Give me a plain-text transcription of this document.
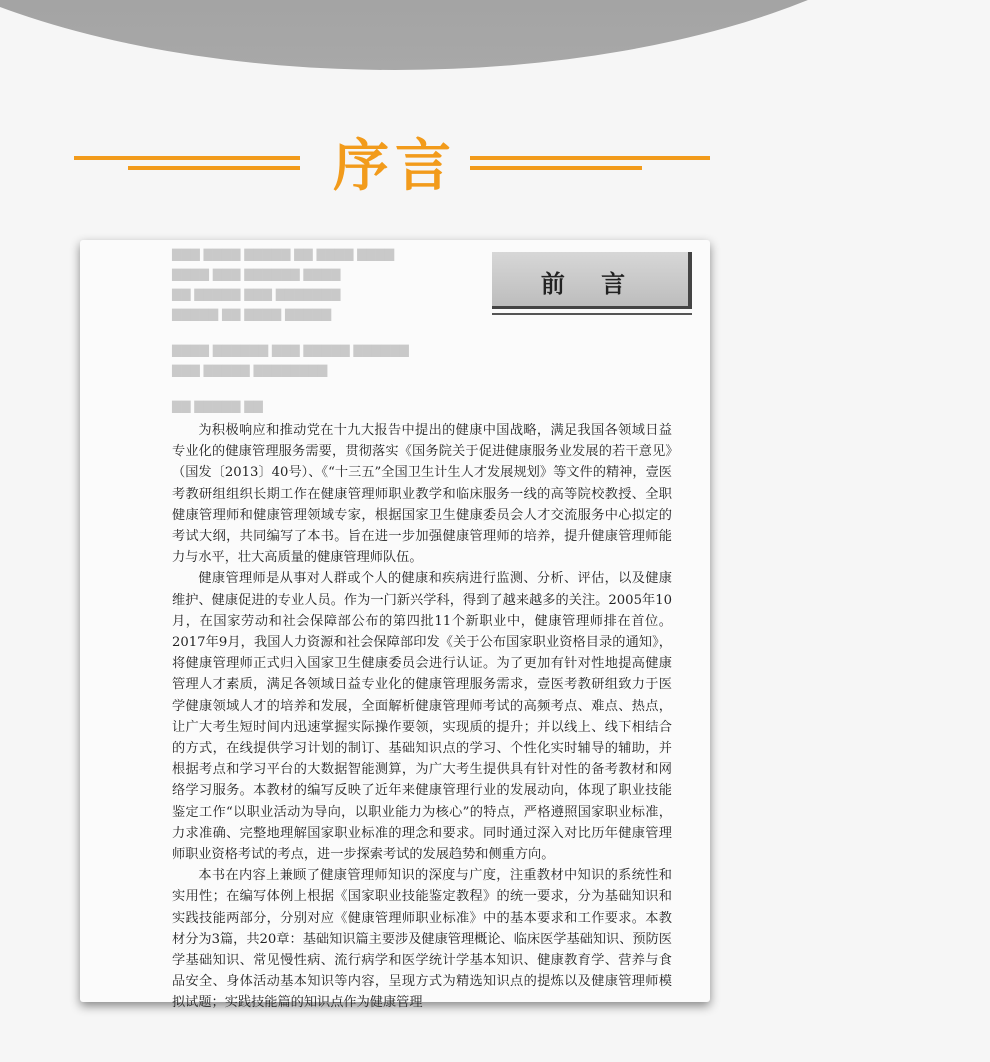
序言
▇▇▇ ▇▇▇▇ ▇▇▇▇▇ ▇▇ ▇▇▇▇ ▇▇▇▇
▇▇▇▇ ▇▇▇ ▇▇▇▇▇▇ ▇▇▇▇
▇▇ ▇▇▇▇▇ ▇▇▇ ▇▇▇▇▇▇▇
▇▇▇▇▇ ▇▇ ▇▇▇▇ ▇▇▇▇▇
▇▇▇▇ ▇▇▇▇▇▇ ▇▇▇ ▇▇▇▇▇ ▇▇▇▇▇▇
▇▇▇ ▇▇▇▇▇ ▇▇▇▇▇▇▇▇
▇▇ ▇▇▇▇▇ ▇▇
前 言

为积极响应和推动党在十九大报告中提出的健康中国战略，满足我国各领域日益专业化的健康管理服务需要，贯彻落实《国务院关于促进健康服务业发展的若干意见》（国发〔2013〕40号）、《“十三五”全国卫生计生人才发展规划》等文件的精神，壹医考教研组组织长期工作在健康管理师职业教学和临床服务一线的高等院校教授、全职健康管理师和健康管理领域专家，根据国家卫生健康委员会人才交流服务中心拟定的考试大纲，共同编写了本书。旨在进一步加强健康管理师的培养，提升健康管理师能力与水平，壮大高质量的健康管理师队伍。

健康管理师是从事对人群或个人的健康和疾病进行监测、分析、评估，以及健康维护、健康促进的专业人员。作为一门新兴学科，得到了越来越多的关注。2005年10月，在国家劳动和社会保障部公布的第四批11个新职业中，健康管理师排在首位。2017年9月，我国人力资源和社会保障部印发《关于公布国家职业资格目录的通知》，将健康管理师正式归入国家卫生健康委员会进行认证。为了更加有针对性地提高健康管理人才素质，满足各领域日益专业化的健康管理服务需求，壹医考教研组致力于医学健康领域人才的培养和发展，全面解析健康管理师考试的高频考点、难点、热点，让广大考生短时间内迅速掌握实际操作要领，实现质的提升；并以线上、线下相结合的方式，在线提供学习计划的制订、基础知识点的学习、个性化实时辅导的辅助，并根据考点和学习平台的大数据智能测算，为广大考生提供具有针对性的备考教材和网络学习服务。本教材的编写反映了近年来健康管理行业的发展动向，体现了职业技能鉴定工作“以职业活动为导向，以职业能力为核心”的特点，严格遵照国家职业标准，力求准确、完整地理解国家职业标准的理念和要求。同时通过深入对比历年健康管理师职业资格考试的考点，进一步探索考试的发展趋势和侧重方向。

本书在内容上兼顾了健康管理师知识的深度与广度，注重教材中知识的系统性和实用性；在编写体例上根据《国家职业技能鉴定教程》的统一要求，分为基础知识和实践技能两部分，分别对应《健康管理师职业标准》中的基本要求和工作要求。本教材分为3篇，共20章：基础知识篇主要涉及健康管理概论、临床医学基础知识、预防医学基础知识、常见慢性病、流行病学和医学统计学基本知识、健康教育学、营养与食品安全、身体活动基本知识等内容，呈现方式为精选知识点的提炼以及健康管理师模拟试题；实践技能篇的知识点作为健康管理
